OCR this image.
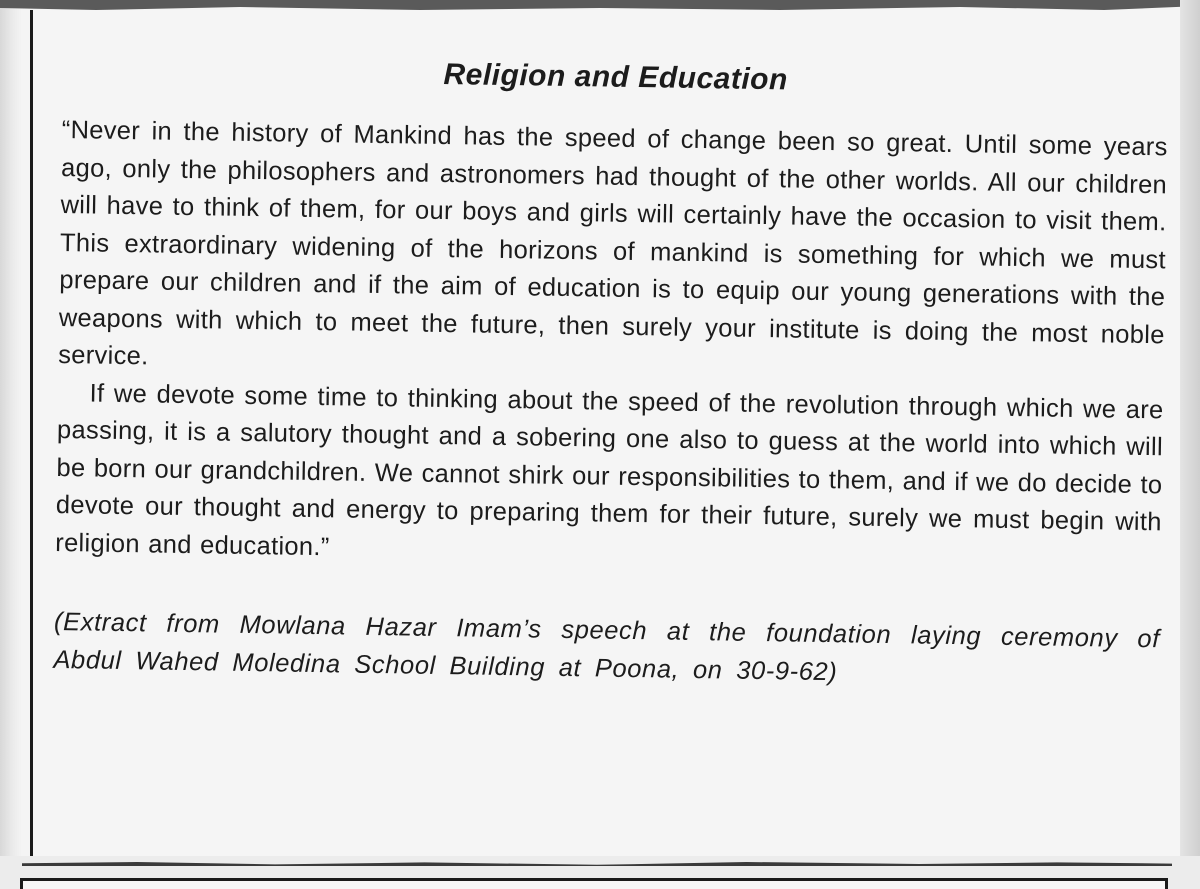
Religion and Education

“Never in the history of Mankind has the speed of change been so great. Until some years ago, only the philosophers and astronomers had thought of the other worlds. All our children will have to think of them, for our boys and girls will certainly have the occasion to visit them. This extraordinary widening of the horizons of mankind is something for which we must prepare our children and if the aim of education is to equip our young generations with the weapons with which to meet the future, then surely your institute is doing the most noble service.

If we devote some time to thinking about the speed of the revolution through which we are passing, it is a salutory thought and a sobering one also to guess at the world into which will be born our grandchildren. We cannot shirk our responsibilities to them, and if we do decide to devote our thought and energy to preparing them for their future, surely we must begin with religion and education.”

(Extract from Mowlana Hazar Imam’s speech at the foundation laying ceremony of Abdul Wahed Moledina School Building at Poona, on 30-9-62)
